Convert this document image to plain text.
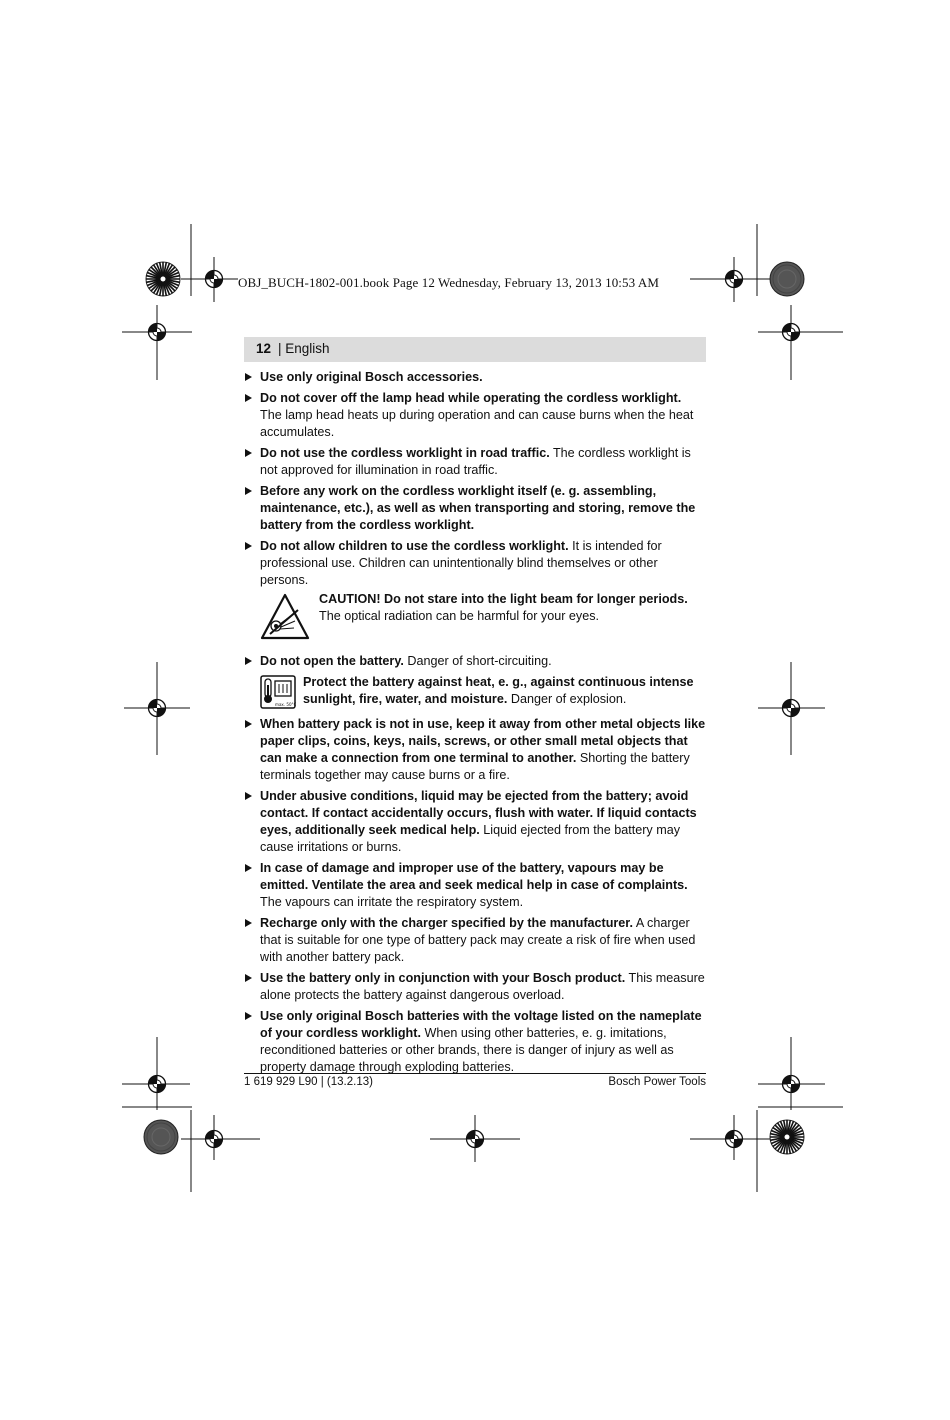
OBJ_BUCH-1802-001.book Page 12 Wednesday, February 13, 2013 10:53 AM
12 | English
Use only original Bosch accessories.
Do not cover off the lamp head while operating the cordless worklight. The lamp head heats up during operation and can cause burns when the heat accumulates.
Do not use the cordless worklight in road traffic. The cordless worklight is not approved for illumination in road traffic.
Before any work on the cordless worklight itself (e. g. assembling, maintenance, etc.), as well as when transporting and storing, remove the battery from the cordless worklight.
Do not allow children to use the cordless worklight. It is intended for professional use. Children can unintentionally blind themselves or other persons.
CAUTION! Do not stare into the light beam for longer periods. The optical radiation can be harmful for your eyes.
Do not open the battery. Danger of short-circuiting.
max. 50°C
Protect the battery against heat, e. g., against continuous intense sunlight, fire, water, and moisture. Danger of explosion.
When battery pack is not in use, keep it away from other metal objects like paper clips, coins, keys, nails, screws, or other small metal objects that can make a connection from one terminal to another. Shorting the battery terminals together may cause burns or a fire.
Under abusive conditions, liquid may be ejected from the battery; avoid contact. If contact accidentally occurs, flush with water. If liquid contacts eyes, additionally seek medical help. Liquid ejected from the battery may cause irritations or burns.
In case of damage and improper use of the battery, vapours may be emitted. Ventilate the area and seek medical help in case of complaints. The vapours can irritate the respiratory system.
Recharge only with the charger specified by the manufacturer. A charger that is suitable for one type of battery pack may create a risk of fire when used with another battery pack.
Use the battery only in conjunction with your Bosch product. This measure alone protects the battery against dangerous overload.
Use only original Bosch batteries with the voltage listed on the nameplate of your cordless worklight. When using other batteries, e. g. imitations, reconditioned batteries or other brands, there is danger of injury as well as property damage through exploding batteries.
1 619 929 L90 | (13.2.13)	Bosch Power Tools
